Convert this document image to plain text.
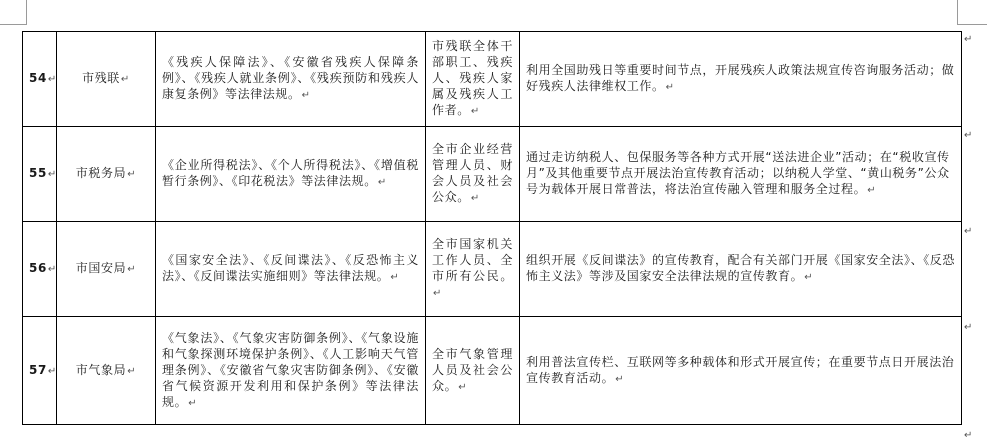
54↵	市残联↵	《残疾人保障法》、《安徽省残疾人保障条例》、《残疾人就业条例》、《残疾预防和残疾人康复条例》等法律法规。↵	市残联全体干部职工、残疾人、残疾人家属及残疾人工作者。↵	利用全国助残日等重要时间节点，开展残疾人政策法规宣传咨询服务活动；做好残疾人法律维权工作。↵
55↵	市税务局↵	《企业所得税法》、《个人所得税法》、《增值税暂行条例》、《印花税法》等法律法规。↵	全市企业经营管理人员、财会人员及社会公众。↵	通过走访纳税人、包保服务等各种方式开展“送法进企业”活动；在“税收宣传月”及其他重要节点开展法治宣传教育活动；以纳税人学堂、“黄山税务”公众号为载体开展日常普法，将法治宣传融入管理和服务全过程。↵
56↵	市国安局↵	《国家安全法》、《反间谍法》、《反恐怖主义法》、《反间谍法实施细则》等法律法规。↵	全市国家机关工作人员、全市所有公民。↵	组织开展《反间谍法》的宣传教育，配合有关部门开展《国家安全法》、《反恐怖主义法》等涉及国家安全法律法规的宣传教育。↵
57↵	市气象局↵	《气象法》、《气象灾害防御条例》、《气象设施和气象探测环境保护条例》、《人工影响天气管理条例》、《安徽省气象灾害防御条例》、《安徽省气候资源开发利用和保护条例》等法律法规。↵	全市气象管理人员及社会公众。↵	利用普法宣传栏、互联网等多种载体和形式开展宣传；在重要节点日开展法治宣传教育活动。↵
↵
↵
↵
↵
↵
